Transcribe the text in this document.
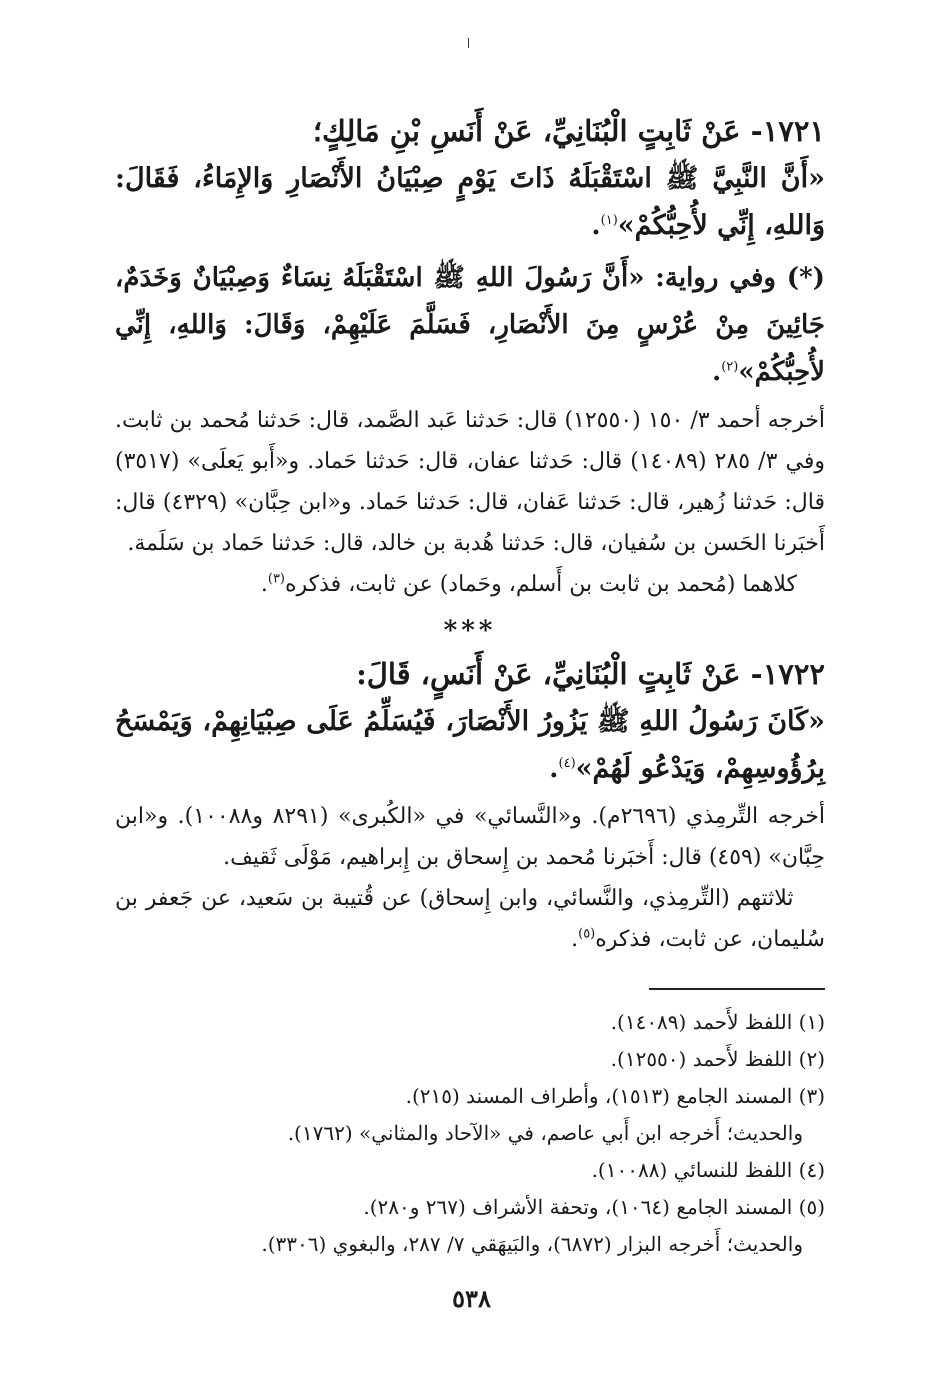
١٧٢١- عَنْ ثَابِتٍ الْبُنَانِيِّ، عَنْ أَنَسِ بْنِ مَالِكٍ؛

«أَنَّ النَّبِيَّ ﷺ اسْتَقْبَلَهُ ذَاتَ يَوْمٍ صِبْيَانُ الأَنْصَارِ وَالإِمَاءُ، فَقَالَ: وَاللهِ، إِنِّي لأُحِبُّكُمْ»$^{(١)}$.

(*) وفي رواية: «أَنَّ رَسُولَ اللهِ ﷺ اسْتَقْبَلَهُ نِسَاءٌ وَصِبْيَانٌ وَخَدَمٌ، جَائِينَ مِنْ عُرْسٍ مِنَ الأَنْصَارِ، فَسَلَّمَ عَلَيْهِمْ، وَقَالَ: وَاللهِ، إِنِّي لأُحِبُّكُمْ»$^{(٢)}$.

أخرجه أحمد ٣/ ١٥٠ (١٢٥٥٠) قال: حَدثنا عَبد الصَّمد، قال: حَدثنا مُحمد بن ثابت. وفي ٣/ ٢٨٥ (١٤٠٨٩) قال: حَدثنا عفان، قال: حَدثنا حَماد. و«أَبو يَعلَى» (٣٥١٧) قال: حَدثنا زُهير، قال: حَدثنا عَفان، قال: حَدثنا حَماد. و«ابن حِبَّان» (٤٣٢٩) قال: أَخبَرنا الحَسن بن سُفيان، قال: حَدثنا هُدبة بن خالد، قال: حَدثنا حَماد بن سَلَمة.

كلاهما (مُحمد بن ثابت بن أَسلم، وحَماد) عن ثابت، فذكره$^{(٣)}$.

***

١٧٢٢- عَنْ ثَابِتٍ الْبُنَانِيِّ، عَنْ أَنَسٍ، قَالَ:

«كَانَ رَسُولُ اللهِ ﷺ يَزُورُ الأَنْصَارَ، فَيُسَلِّمُ عَلَى صِبْيَانِهِمْ، وَيَمْسَحُ بِرُؤُوسِهِمْ، وَيَدْعُو لَهُمْ»$^{(٤)}$.

أخرجه التِّرمِذي (٢٦٩٦م). و«النَّسائي» في «الكُبرى» (٨٢٩١ و١٠٠٨٨). و«ابن حِبَّان» (٤٥٩) قال: أَخبَرنا مُحمد بن إِسحاق بن إِبراهيم، مَوْلَى ثَقيف.

ثلاثتهم (التِّرمِذي، والنَّسائي، وابن إِسحاق) عن قُتيبة بن سَعيد، عن جَعفر بن سُليمان، عن ثابت، فذكره$^{(٥)}$.

(١) اللفظ لأَحمد (١٤٠٨٩).

(٢) اللفظ لأَحمد (١٢٥٥٠).

(٣) المسند الجامع (١٥١٣)، وأطراف المسند (٢١٥).

والحديث؛ أَخرجه ابن أَبي عاصم، في «الآحاد والمثاني» (١٧٦٢).

(٤) اللفظ للنسائي (١٠٠٨٨).

(٥) المسند الجامع (١٠٦٤)، وتحفة الأشراف (٢٦٧ و٢٨٠).

والحديث؛ أَخرجه البزار (٦٨٧٢)، والبَيهَقي ٧/ ٢٨٧، والبغوي (٣٣٠٦).

٥٣٨
